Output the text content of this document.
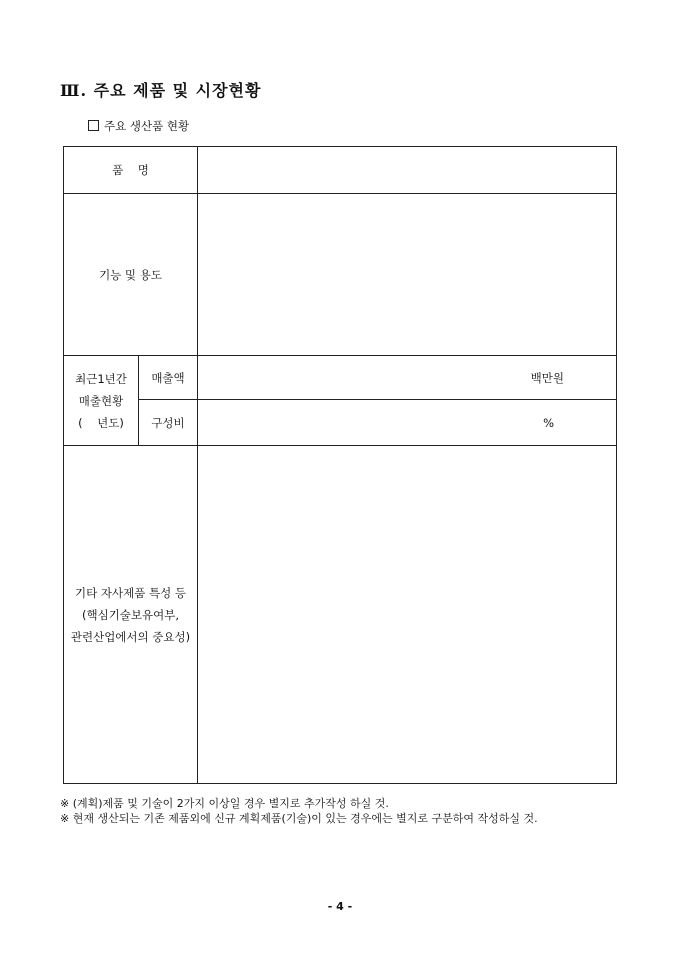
Ⅲ. 주요 제품 및 시장현황
주요 생산품 현황
품    명		
기능 및 용도		

최근1년간
매출현황
(    년도)	매출액	백만원
	구성비	%

기타 자사제품 특성 등
(핵심기술보유여부,
관련산업에서의 중요성)		

※ (계획)제품 및 기술이 2가지 이상일 경우 별지로 추가작성 하실 것.
※ 현재 생산되는 기존 제품외에 신규 계획제품(기술)이 있는 경우에는 별지로 구분하여 작성하실 것.
- 4 -
